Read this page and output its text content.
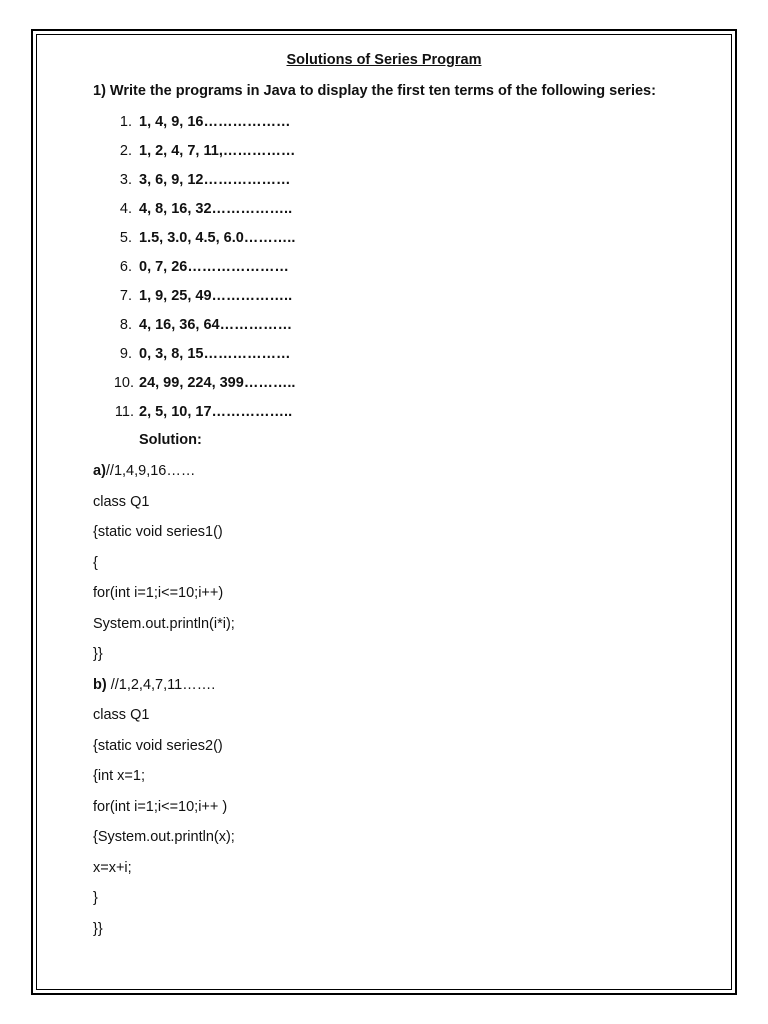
Solutions of Series Program
1) Write the programs in Java to display the first ten terms of the following series:
1. 1, 4, 9, 16………………
2. 1, 2, 4, 7, 11,……………
3. 3, 6, 9, 12………………
4. 4, 8, 16, 32……………..
5. 1.5, 3.0, 4.5, 6.0………..
6. 0, 7, 26…………………
7. 1, 9, 25, 49……………..
8. 4, 16, 36, 64……………
9. 0, 3, 8, 15………………
10. 24, 99, 224, 399………..
11. 2, 5, 10, 17……………..
Solution:
a)//1,4,9,16……
class Q1
{static void series1()
{
for(int i=1;i<=10;i++)
System.out.println(i*i);
}}
b) //1,2,4,7,11…….
class Q1
{static void series2()
{int x=1;
for(int i=1;i<=10;i++ )
{System.out.println(x);
x=x+i;
}
}}
